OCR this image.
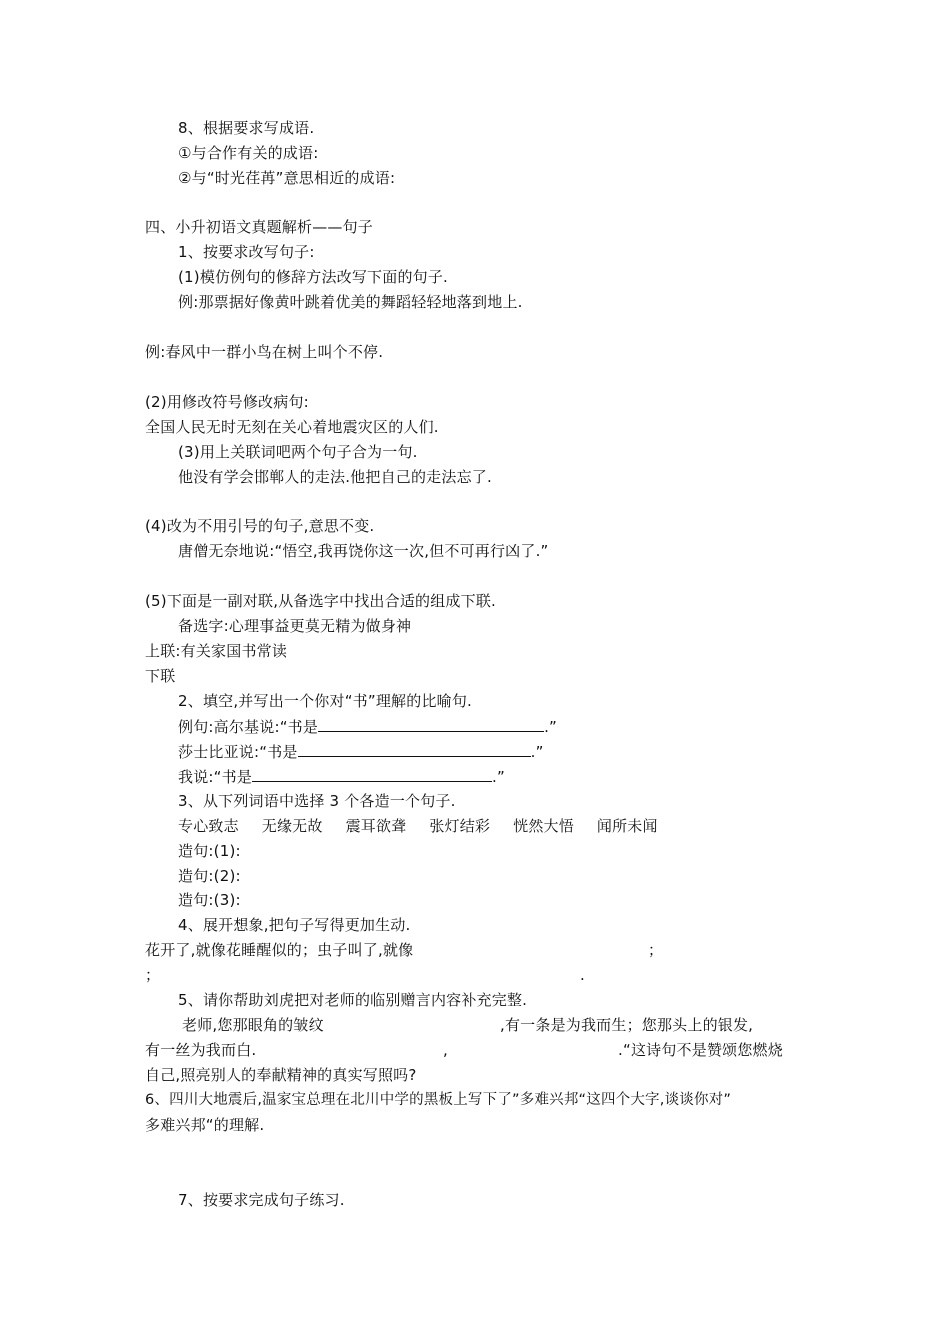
8、根据要求写成语.
①与合作有关的成语:
②与“时光荏苒”意思相近的成语:
四、小升初语文真题解析——句子
1、按要求改写句子:
(1)模仿例句的修辞方法改写下面的句子.
例:那票据好像黄叶跳着优美的舞蹈轻轻地落到地上.
例:春风中一群小鸟在树上叫个不停.
(2)用修改符号修改病句:
全国人民无时无刻在关心着地震灾区的人们.
(3)用上关联词吧两个句子合为一句.
他没有学会邯郸人的走法.他把自己的走法忘了.
(4)改为不用引号的句子,意思不变.
唐僧无奈地说:“悟空,我再饶你这一次,但不可再行凶了.”
(5)下面是一副对联,从备选字中找出合适的组成下联.
备选字:心理事益更莫无精为做身神
上联:有关家国书常读
下联
2、填空,并写出一个你对“书”理解的比喻句.
例句:高尔基说:“书是	.”
莎士比亚说:“书是	.”
我说:“书是	.”
3、从下列词语中选择 3 个各造一个句子.
专心致志 无缘无故 震耳欲聋 张灯结彩 恍然大悟 闻所未闻
造句:(1):
造句:(2):
造句:(3):
4、展开想象,把句子写得更加生动.
花开了,就像花睡醒似的；虫子叫了,就像	；
；	.
5、请你帮助刘虎把对老师的临别赠言内容补充完整.
老师,您那眼角的皱纹	,有一条是为我而生；您那头上的银发,
有一丝为我而白.	,	.“这诗句不是赞颂您燃烧
自己,照亮别人的奉献精神的真实写照吗?
6、四川大地震后,温家宝总理在北川中学的黑板上写下了”多难兴邦“这四个大字,谈谈你对”
多难兴邦“的理解.
7、按要求完成句子练习.
